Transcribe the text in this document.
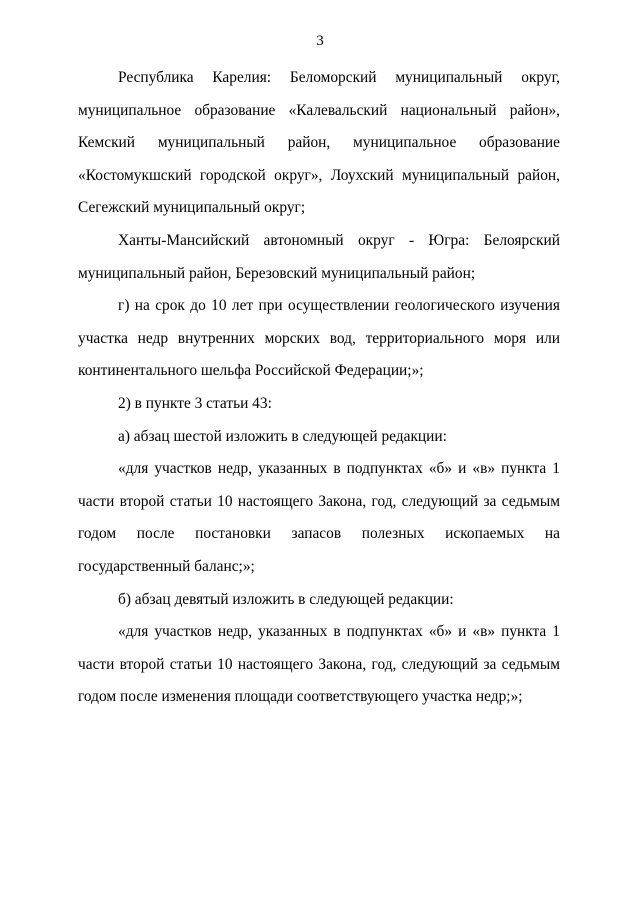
3

Республика Карелия: Беломорский муниципальный округ, муниципальное образование «Калевальский национальный район», Кемский муниципальный район, муниципальное образование «Костомукшский городской округ», Лоухский муниципальный район, Сегежский муниципальный округ;

Ханты-Мансийский автономный округ - Югра: Белоярский муниципальный район, Березовский муниципальный район;

г) на срок до 10 лет при осуществлении геологического изучения участка недр внутренних морских вод, территориального моря или континентального шельфа Российской Федерации;»;

2) в пункте 3 статьи 43:

а) абзац шестой изложить в следующей редакции:

«для участков недр, указанных в подпунктах «б» и «в» пункта 1 части второй статьи 10 настоящего Закона, год, следующий за седьмым годом после постановки запасов полезных ископаемых на государственный баланс;»;

б) абзац девятый изложить в следующей редакции:

«для участков недр, указанных в подпунктах «б» и «в» пункта 1 части второй статьи 10 настоящего Закона, год, следующий за седьмым годом после изменения площади соответствующего участка недр;»;
